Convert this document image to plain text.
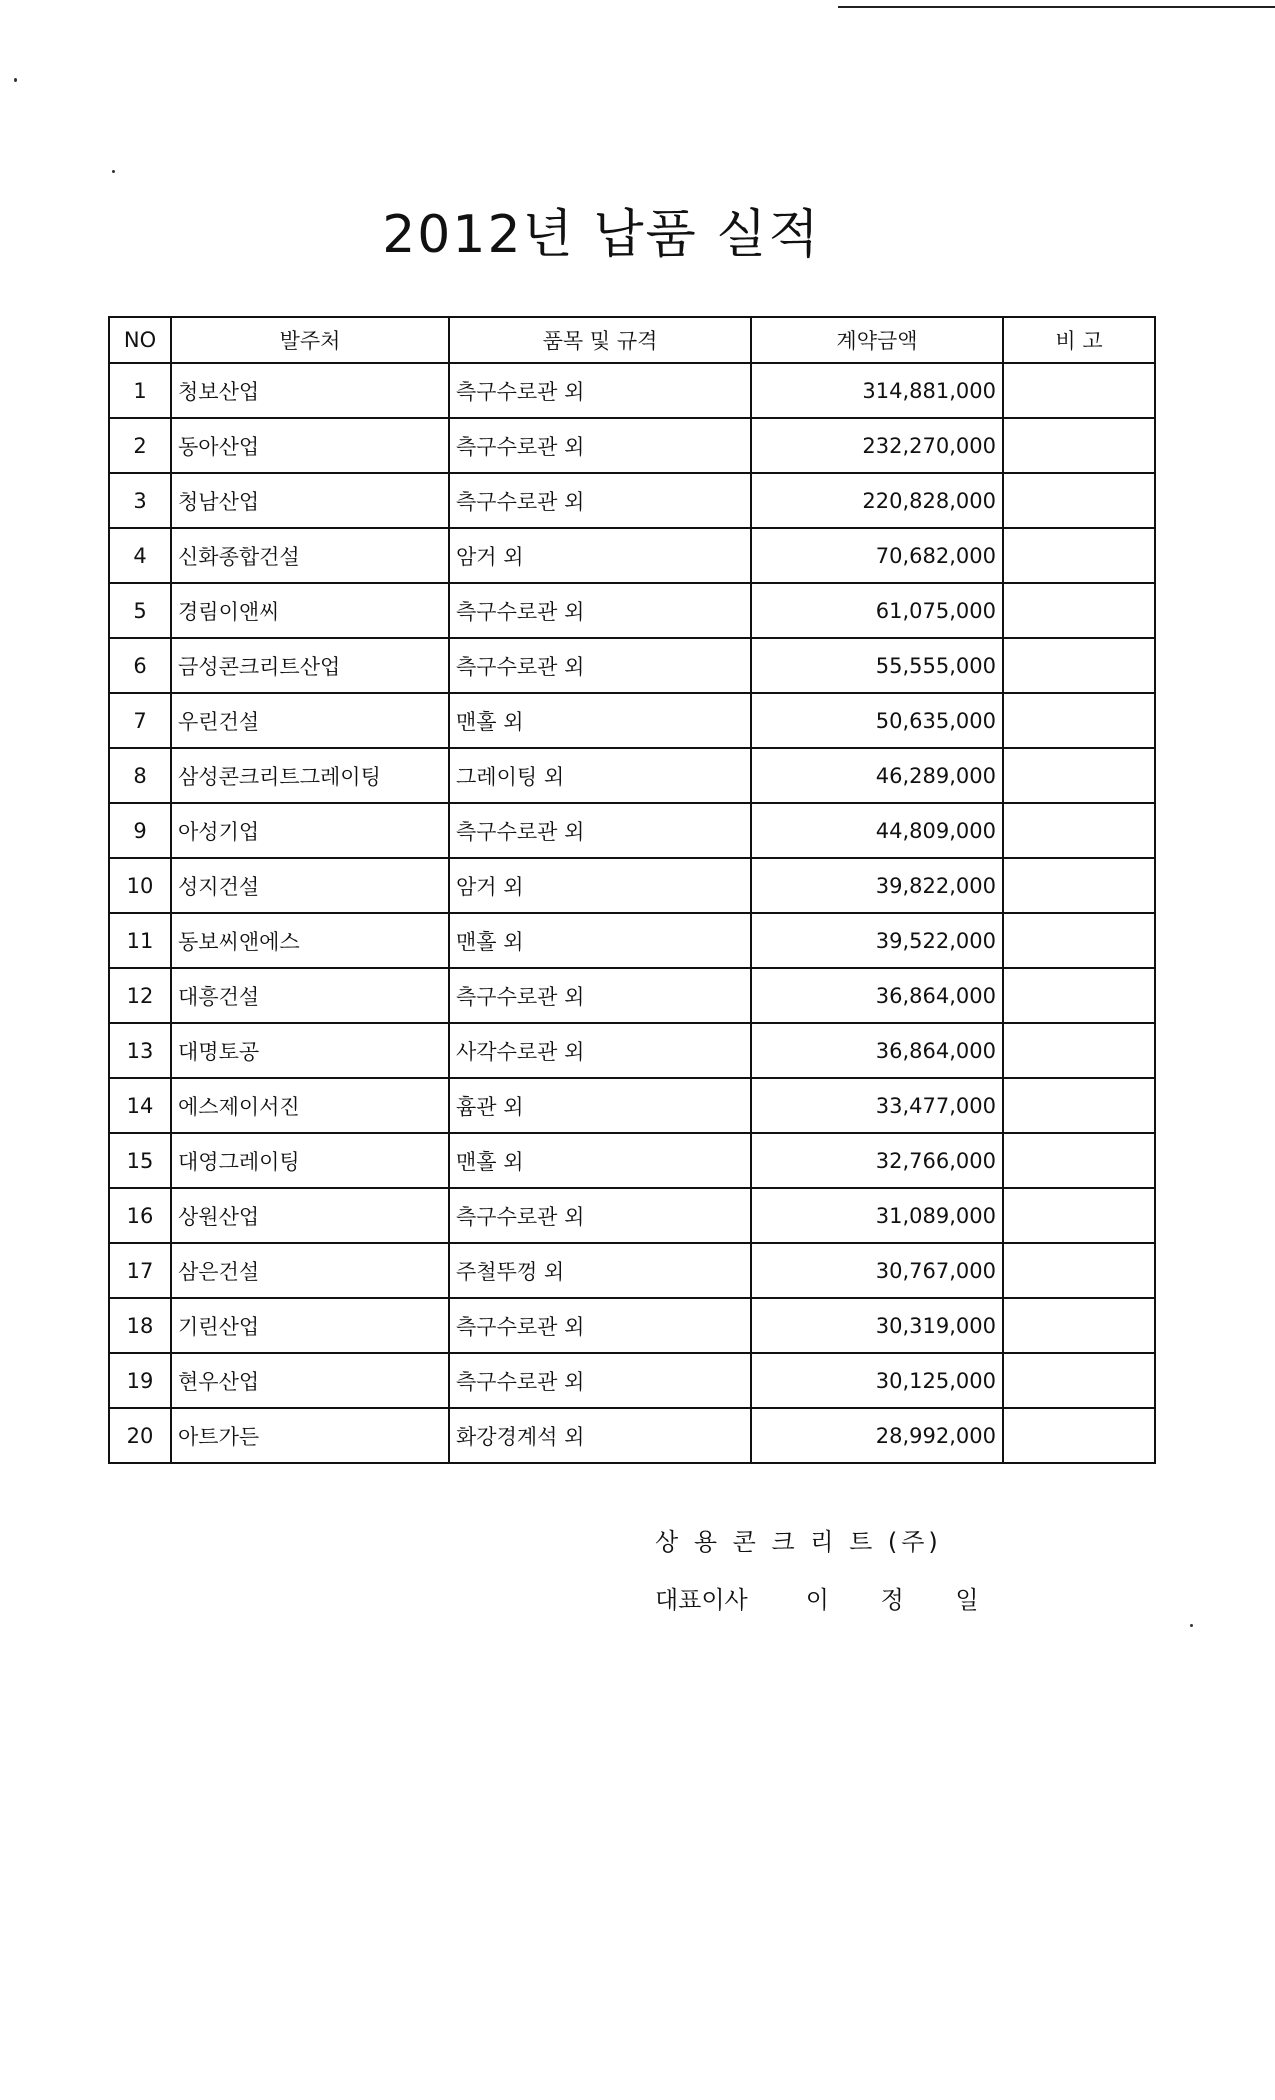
2012년 납품 실적
NO	발주처	품목 및 규격	계약금액	비 고
1	청보산업	측구수로관 외	314,881,000	
2	동아산업	측구수로관 외	232,270,000	
3	청남산업	측구수로관 외	220,828,000	
4	신화종합건설	암거 외	70,682,000	
5	경림이앤씨	측구수로관 외	61,075,000	
6	금성콘크리트산업	측구수로관 외	55,555,000	
7	우린건설	맨홀 외	50,635,000	
8	삼성콘크리트그레이팅	그레이팅 외	46,289,000	
9	아성기업	측구수로관 외	44,809,000	
10	성지건설	암거 외	39,822,000	
11	동보씨앤에스	맨홀 외	39,522,000	
12	대흥건설	측구수로관 외	36,864,000	
13	대명토공	사각수로관 외	36,864,000	
14	에스제이서진	흄관 외	33,477,000	
15	대영그레이팅	맨홀 외	32,766,000	
16	상원산업	측구수로관 외	31,089,000	
17	삼은건설	주철뚜껑 외	30,767,000	
18	기린산업	측구수로관 외	30,319,000	
19	현우산업	측구수로관 외	30,125,000	
20	아트가든	화강경계석 외	28,992,000	
상 용 콘 크 리 트 (주)
대표이사 이 정 일
